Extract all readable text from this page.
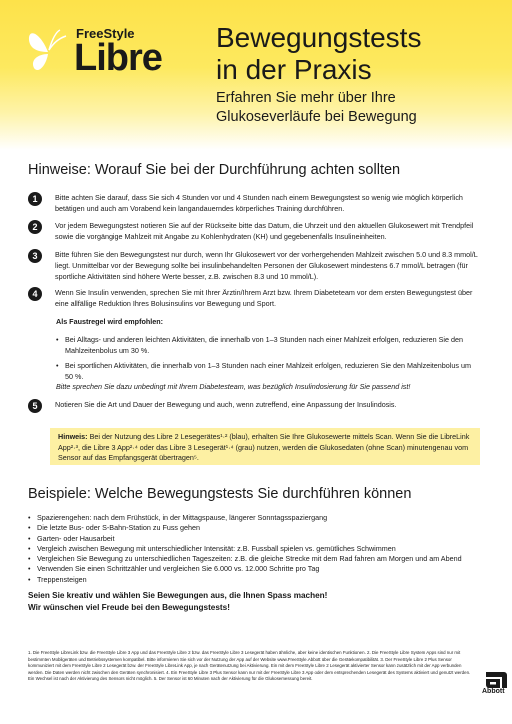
FreeStyle
Libre Bewegungstests
in der Praxis
Erfahren Sie mehr über Ihre
Glukoseverläufe bei Bewegung
Hinweise: Worauf Sie bei der Durchführung achten sollten
1	Bitte achten Sie darauf, dass Sie sich 4 Stunden vor und 4 Stunden nach einem Bewegungstest so wenig wie möglich körperlich betätigen und auch am Vorabend kein langandauerndes körperliches Training durchführen.
2	Vor jedem Bewegungstest notieren Sie auf der Rückseite bitte das Datum, die Uhrzeit und den aktuellen Glukosewert mit Trendpfeil sowie die vorgängige Mahlzeit mit Angabe zu Kohlenhydraten (KH) und gegebenenfalls Insulineinheiten.
3	Bitte führen Sie den Bewegungstest nur durch, wenn Ihr Glukosewert vor der vorhergehenden Mahlzeit zwischen 5.0 und 8.3 mmol/L liegt. Unmittelbar vor der Bewegung sollte bei insulinbehandelten Personen der Glukosewert mindestens 6.7 mmol/L betragen (für sportliche Aktivitäten sind höhere Werte besser, z.B. zwischen 8.3 und 10 mmol/L).
4	Wenn Sie Insulin verwenden, sprechen Sie mit Ihrer Ärztin/Ihrem Arzt bzw. Ihrem Diabeteteam vor dem ersten Bewegungstest über eine allfällige Reduktion Ihres Bolusinsulins vor Bewegung und Sport.
Als Faustregel wird empfohlen:
• Bei Alltags- und anderen leichten Aktivitäten, die innerhalb von 1–3 Stunden nach einer Mahlzeit erfolgen, reduzieren Sie den Mahlzeitenbolus um 30 %.
• Bei sportlichen Aktivitäten, die innerhalb von 1–3 Stunden nach einer Mahlzeit erfolgen, reduzieren Sie den Mahlzeitenbolus um 50 %.
Bitte sprechen Sie dazu unbedingt mit Ihrem Diabetesteam, was bezüglich Insulindosierung für Sie passend ist!
5	Notieren Sie die Art und Dauer der Bewegung und auch, wenn zutreffend, eine Anpassung der Insulindosis.
Hinweis: Bei der Nutzung des Libre 2 Lesegerätes¹·² (blau), erhalten Sie Ihre Glukosewerte mittels Scan. Wenn Sie die LibreLink App²·³, die Libre 3 App²·⁴ oder das Libre 3 Lesegerät¹·⁴ (grau) nutzen, werden die Glukosedaten (ohne Scan) minutengenau vom Sensor auf das Empfangsgerät übertragen⁵.
Beispiele: Welche Bewegungstests Sie durchführen können
• Spazierengehen: nach dem Frühstück, in der Mittagspause, längerer Sonntagsspaziergang
• Die letzte Bus- oder S-Bahn-Station zu Fuss gehen
• Garten- oder Hausarbeit
• Vergleich zwischen Bewegung mit unterschiedlicher Intensität: z.B. Fussball spielen vs. gemütliches Schwimmen
• Vergleichen Sie Bewegung zu unterschiedlichen Tageszeiten: z.B. die gleiche Strecke mit dem Rad fahren am Morgen und am Abend
• Verwenden Sie einen Schrittzähler und vergleichen Sie 6.000 vs. 12.000 Schritte pro Tag
• Treppensteigen
Seien Sie kreativ und wählen Sie Bewegungen aus, die Ihnen Spass machen!
Wir wünschen viel Freude bei den Bewegungstests!
1. Die FreeStyle LibreLink bzw. die FreeStyle Libre 3 App und das FreeStyle Libre 2 bzw. das FreeStyle Libre 3 Lesegerät haben ähnliche, aber keine identischen Funktionen. 2. Die FreeStyle Libre System Apps sind nur mit bestimmten Mobilgeräten und Betriebssystemen kompatibel. Bitte informieren Sie sich vor der Nutzung der App auf der Website www.FreeStyle.Abbott über die Gerätekompatibilität. 3. Der FreeStyle Libre 2 Plus Sensor kommuniziert mit dem FreeStyle Libre 2 Lesegerät bzw. der FreeStyle LibreLink App, je nach Gerätenutzung bei Aktivierung. Ein mit dem FreeStyle Libre 2 Lesegerät aktivierter Sensor kann zusätzlich mit der App verbunden werden. Die Daten werden nicht zwischen den Geräten synchronisiert. 4. Ein FreeStyle Libre 3 Plus Sensor kann nur mit der FreeStyle Libre 3 App oder dem entsprechenden Lesegerät des Systems aktiviert und genutzt werden. Ein Wechsel ist nach der Aktivierung des Sensors nicht möglich. 5. Der Sensor ist 60 Minuten nach der Aktivierung für die Glukosemessung bereit.
Abbott
